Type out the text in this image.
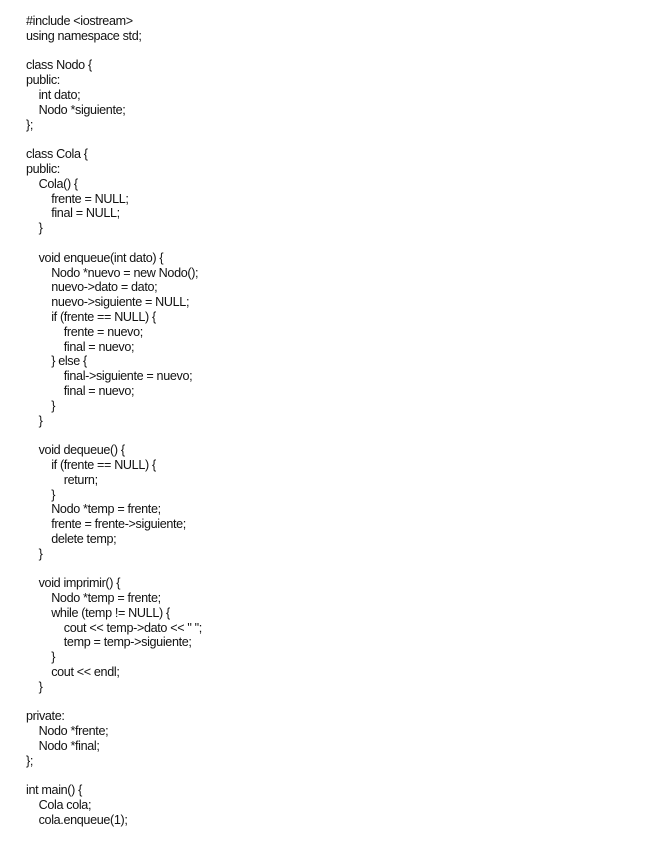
#include <iostream>
using namespace std;
class Nodo {
public:
int dato;
Nodo *siguiente;
};
class Cola {
public:
Cola() {
frente = NULL;
final = NULL;
}
void enqueue(int dato) {
Nodo *nuevo = new Nodo();
nuevo->dato = dato;
nuevo->siguiente = NULL;
if (frente == NULL) {
frente = nuevo;
final = nuevo;
} else {
final->siguiente = nuevo;
final = nuevo;
}
}
void dequeue() {
if (frente == NULL) {
return;
}
Nodo *temp = frente;
frente = frente->siguiente;
delete temp;
}
void imprimir() {
Nodo *temp = frente;
while (temp != NULL) {
cout << temp->dato << " ";
temp = temp->siguiente;
}
cout << endl;
}
private:
Nodo *frente;
Nodo *final;
};
int main() {
Cola cola;
cola.enqueue(1);
